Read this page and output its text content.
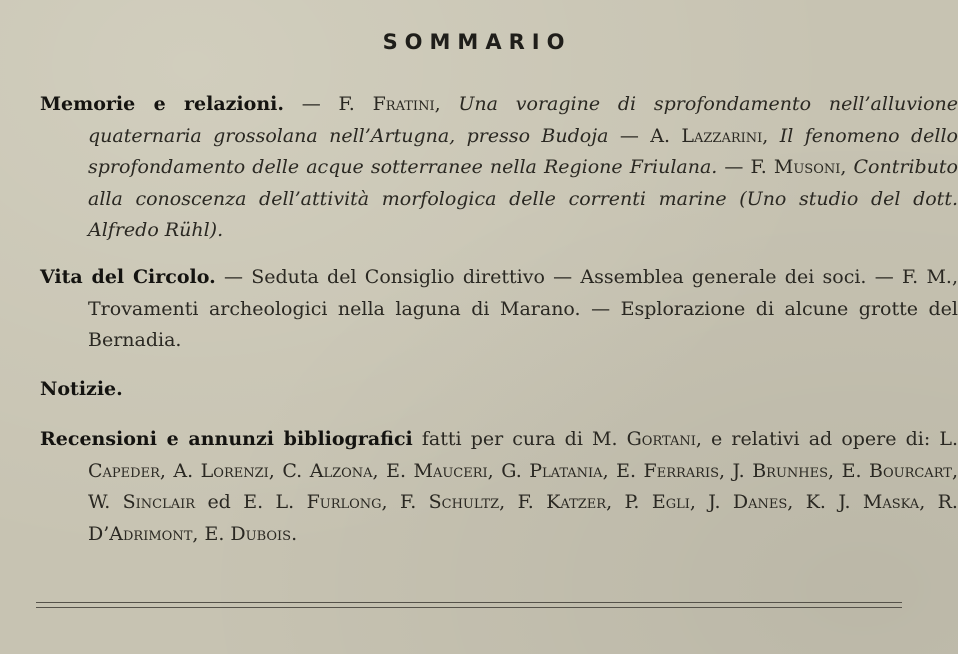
SOMMARIO
Memorie e relazioni. — F. Fratini, Una voragine di sprofondamento nell’alluvione quaternaria grossolana nell’Artugna, presso Budoja — A. Lazzarini, Il fenomeno dello sprofondamento delle acque sotterranee nella Regione Friulana. — F. Musoni, Contributo alla conoscenza dell’attività morfologica delle correnti marine (Uno studio del dott. Alfredo Rühl).
Vita del Circolo. — Seduta del Consiglio direttivo — Assemblea generale dei soci. — F. M., Trovamenti archeologici nella laguna di Marano. — Esplorazione di alcune grotte del Bernadia.
Notizie.
Recensioni e annunzi bibliografici fatti per cura di M. Gortani, e relativi ad opere di: L. Capeder, A. Lorenzi, C. Alzona, E. Mauceri, G. Platania, E. Ferraris, J. Brunhes, E. Bourcart, W. Sinclair ed E. L. Furlong, F. Schultz, F. Katzer, P. Egli, J. Danes, K. J. Maska, R. D’Adrimont, E. Dubois.
